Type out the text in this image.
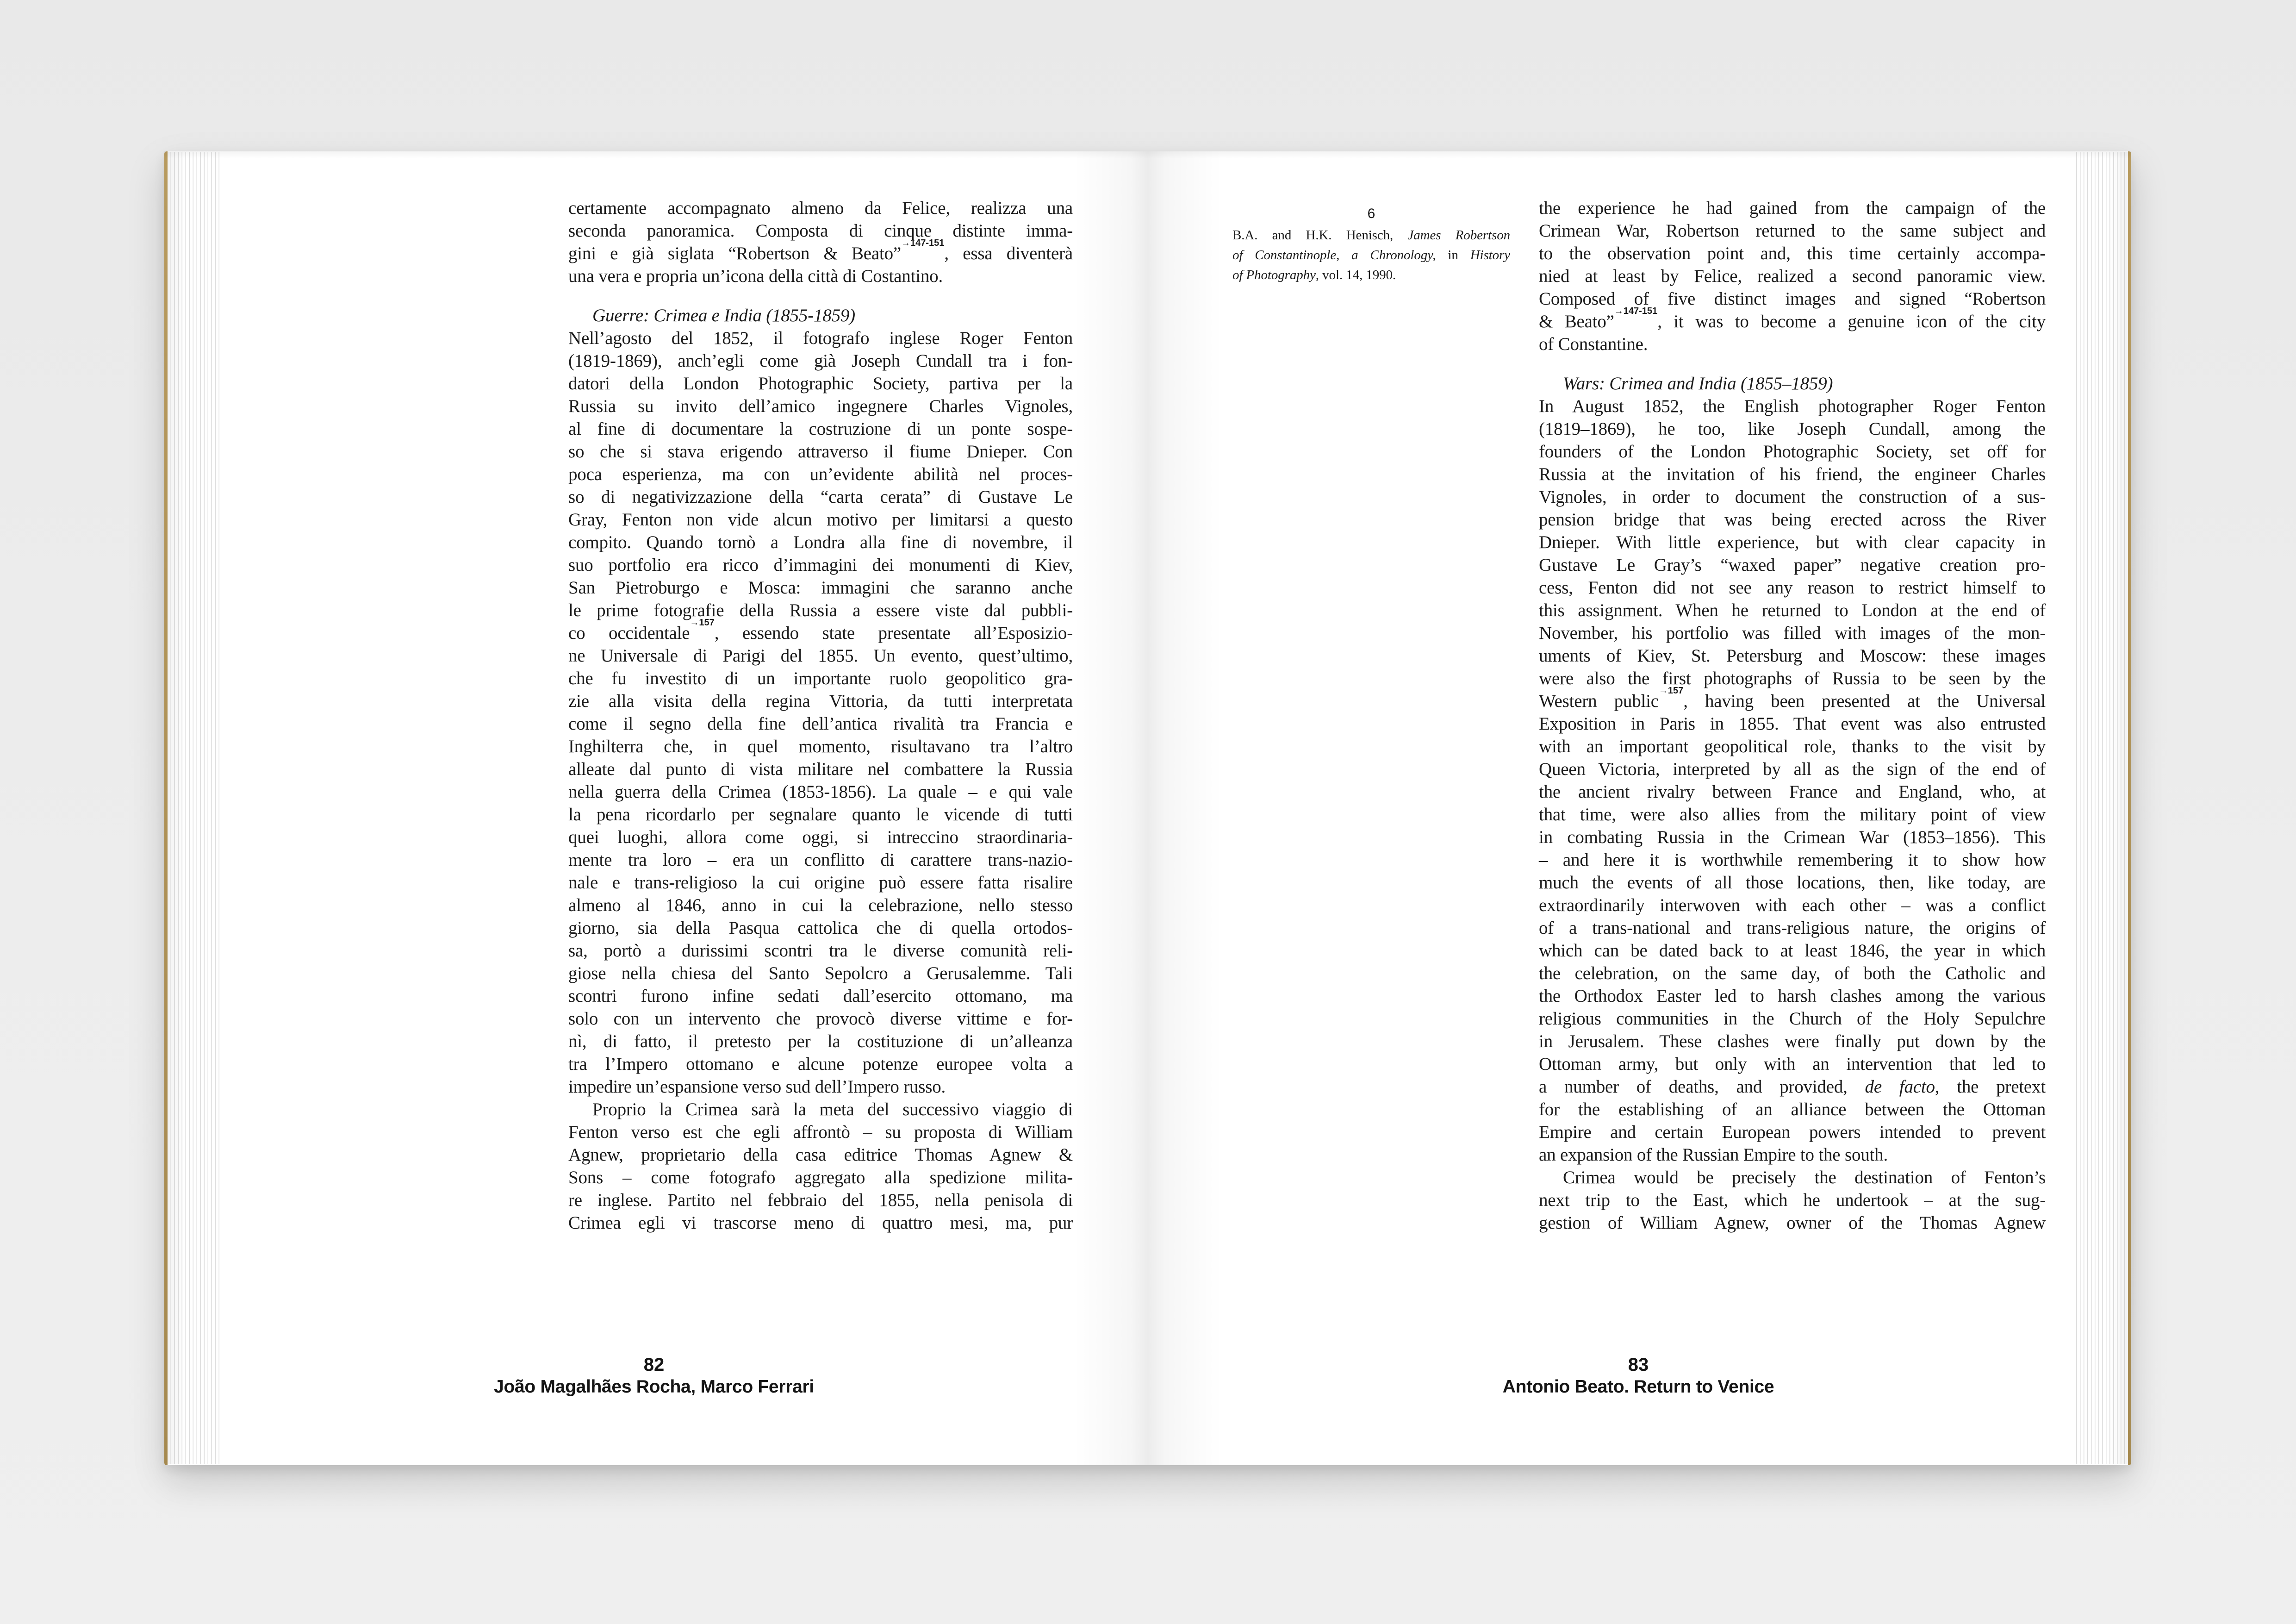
certamente accompagnato almeno da Felice, realizza una
seconda panoramica. Composta di cinque distinte imma-
gini e già siglata “Robertson & Beato”$^{\to 147-151}$, essa diventerà
una vera e propria un’icona della città di Costantino.
Guerre: Crimea e India (1855-1859)
Nell’agosto del 1852, il fotografo inglese Roger Fenton
(1819-1869), anch’egli come già Joseph Cundall tra i fon-
datori della London Photographic Society, partiva per la
Russia su invito dell’amico ingegnere Charles Vignoles,
al fine di documentare la costruzione di un ponte sospe-
so che si stava erigendo attraverso il fiume Dnieper. Con
poca esperienza, ma con un’evidente abilità nel proces-
so di negativizzazione della “carta cerata” di Gustave Le
Gray, Fenton non vide alcun motivo per limitarsi a questo
compito. Quando tornò a Londra alla fine di novembre, il
suo portfolio era ricco d’immagini dei monumenti di Kiev,
San Pietroburgo e Mosca: immagini che saranno anche
le prime fotografie della Russia a essere viste dal pubbli-
co occidentale$^{\to 157}$, essendo state presentate all’Esposizio-
ne Universale di Parigi del 1855. Un evento, quest’ultimo,
che fu investito di un importante ruolo geopolitico gra-
zie alla visita della regina Vittoria, da tutti interpretata
come il segno della fine dell’antica rivalità tra Francia e
Inghilterra che, in quel momento, risultavano tra l’altro
alleate dal punto di vista militare nel combattere la Russia
nella guerra della Crimea (1853-1856). La quale – e qui vale
la pena ricordarlo per segnalare quanto le vicende di tutti
quei luoghi, allora come oggi, si intreccino straordinaria-
mente tra loro – era un conflitto di carattere trans-nazio-
nale e trans-religioso la cui origine può essere fatta risalire
almeno al 1846, anno in cui la celebrazione, nello stesso
giorno, sia della Pasqua cattolica che di quella ortodos-
sa, portò a durissimi scontri tra le diverse comunità reli-
giose nella chiesa del Santo Sepolcro a Gerusalemme. Tali
scontri furono infine sedati dall’esercito ottomano, ma
solo con un intervento che provocò diverse vittime e for-
nì, di fatto, il pretesto per la costituzione di un’alleanza
tra l’Impero ottomano e alcune potenze europee volta a
impedire un’espansione verso sud dell’Impero russo.
Proprio la Crimea sarà la meta del successivo viaggio di
Fenton verso est che egli affrontò – su proposta di William
Agnew, proprietario della casa editrice Thomas Agnew &
Sons – come fotografo aggregato alla spedizione milita-
re inglese. Partito nel febbraio del 1855, nella penisola di
Crimea egli vi trascorse meno di quattro mesi, ma, pur
6
B.A. and H.K. Henisch, James Robertson
of Constantinople, a Chronology, in History
of Photography, vol. 14, 1990.
the experience he had gained from the campaign of the
Crimean War, Robertson returned to the same subject and
to the observation point and, this time certainly accompa-
nied at least by Felice, realized a second panoramic view.
Composed of five distinct images and signed “Robertson
& Beato”$^{\to 147-151}$, it was to become a genuine icon of the city
of Constantine.
Wars: Crimea and India (1855–1859)
In August 1852, the English photographer Roger Fenton
(1819–1869), he too, like Joseph Cundall, among the
founders of the London Photographic Society, set off for
Russia at the invitation of his friend, the engineer Charles
Vignoles, in order to document the construction of a sus-
pension bridge that was being erected across the River
Dnieper. With little experience, but with clear capacity in
Gustave Le Gray’s “waxed paper” negative creation pro-
cess, Fenton did not see any reason to restrict himself to
this assignment. When he returned to London at the end of
November, his portfolio was filled with images of the mon-
uments of Kiev, St. Petersburg and Moscow: these images
were also the first photographs of Russia to be seen by the
Western public$^{\to 157}$, having been presented at the Universal
Exposition in Paris in 1855. That event was also entrusted
with an important geopolitical role, thanks to the visit by
Queen Victoria, interpreted by all as the sign of the end of
the ancient rivalry between France and England, who, at
that time, were also allies from the military point of view
in combating Russia in the Crimean War (1853–1856). This
– and here it is worthwhile remembering it to show how
much the events of all those locations, then, like today, are
extraordinarily interwoven with each other – was a conflict
of a trans-national and trans-religious nature, the origins of
which can be dated back to at least 1846, the year in which
the celebration, on the same day, of both the Catholic and
the Orthodox Easter led to harsh clashes among the various
religious communities in the Church of the Holy Sepulchre
in Jerusalem. These clashes were finally put down by the
Ottoman army, but only with an intervention that led to
a number of deaths, and provided, de facto, the pretext
for the establishing of an alliance between the Ottoman
Empire and certain European powers intended to prevent
an expansion of the Russian Empire to the south.
Crimea would be precisely the destination of Fenton’s
next trip to the East, which he undertook – at the sug-
gestion of William Agnew, owner of the Thomas Agnew
82
João Magalhães Rocha, Marco Ferrari
83
Antonio Beato. Return to Venice
